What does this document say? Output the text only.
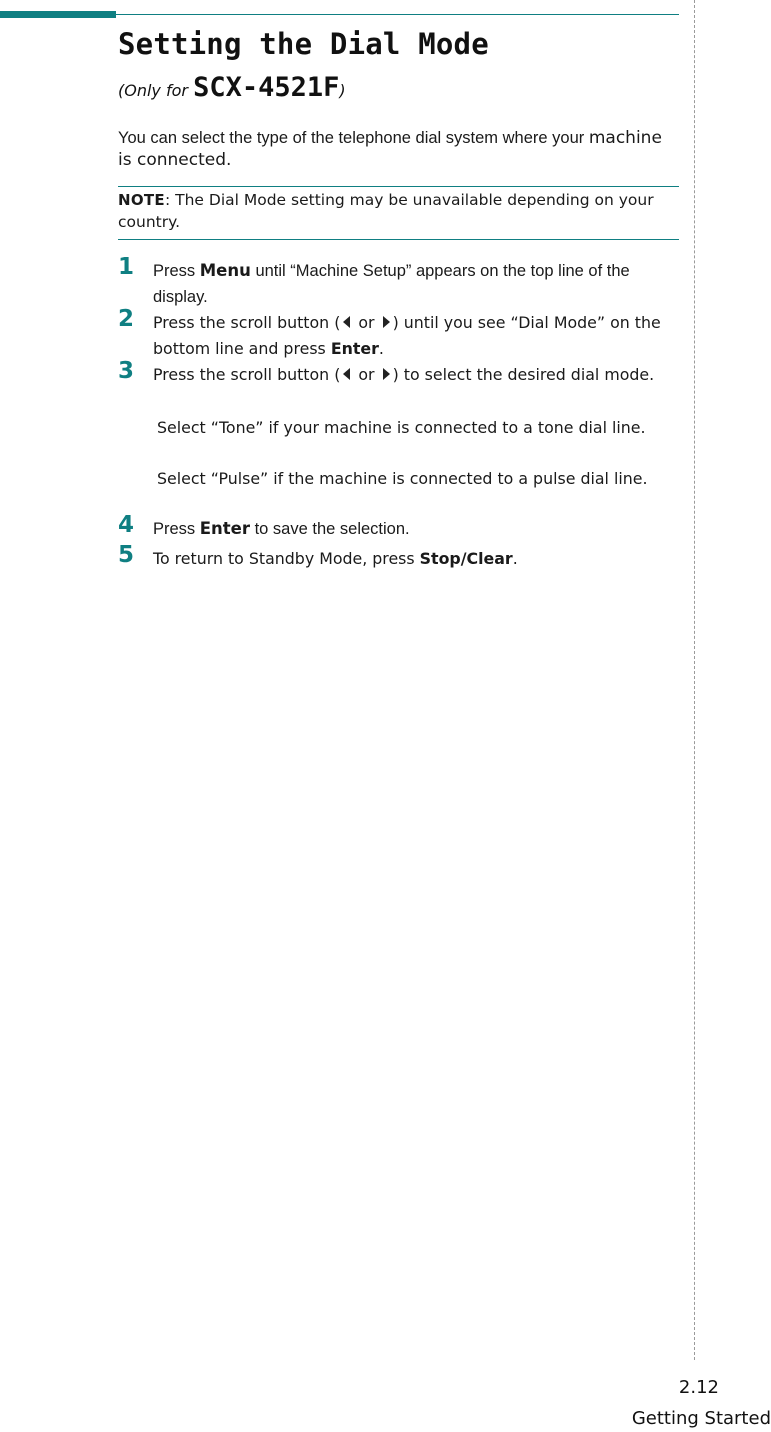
Setting the Dial Mode
(Only for SCX-4521F)

You can select the type of the telephone dial system where your machine is connected.

NOTE: The Dial Mode setting may be unavailable depending on your country.

1 Press Menu until “Machine Setup” appears on the top line of the display.
2 Press the scroll button ( or ) until you see “Dial Mode” on the bottom line and press Enter.
3 Press the scroll button ( or ) to select the desired dial mode.

Select “Tone” if your machine is connected to a tone dial line.

Select “Pulse” if the machine is connected to a pulse dial line.

4 Press Enter to save the selection.
5 To return to Standby Mode, press Stop/Clear.
2.12
Getting Started
